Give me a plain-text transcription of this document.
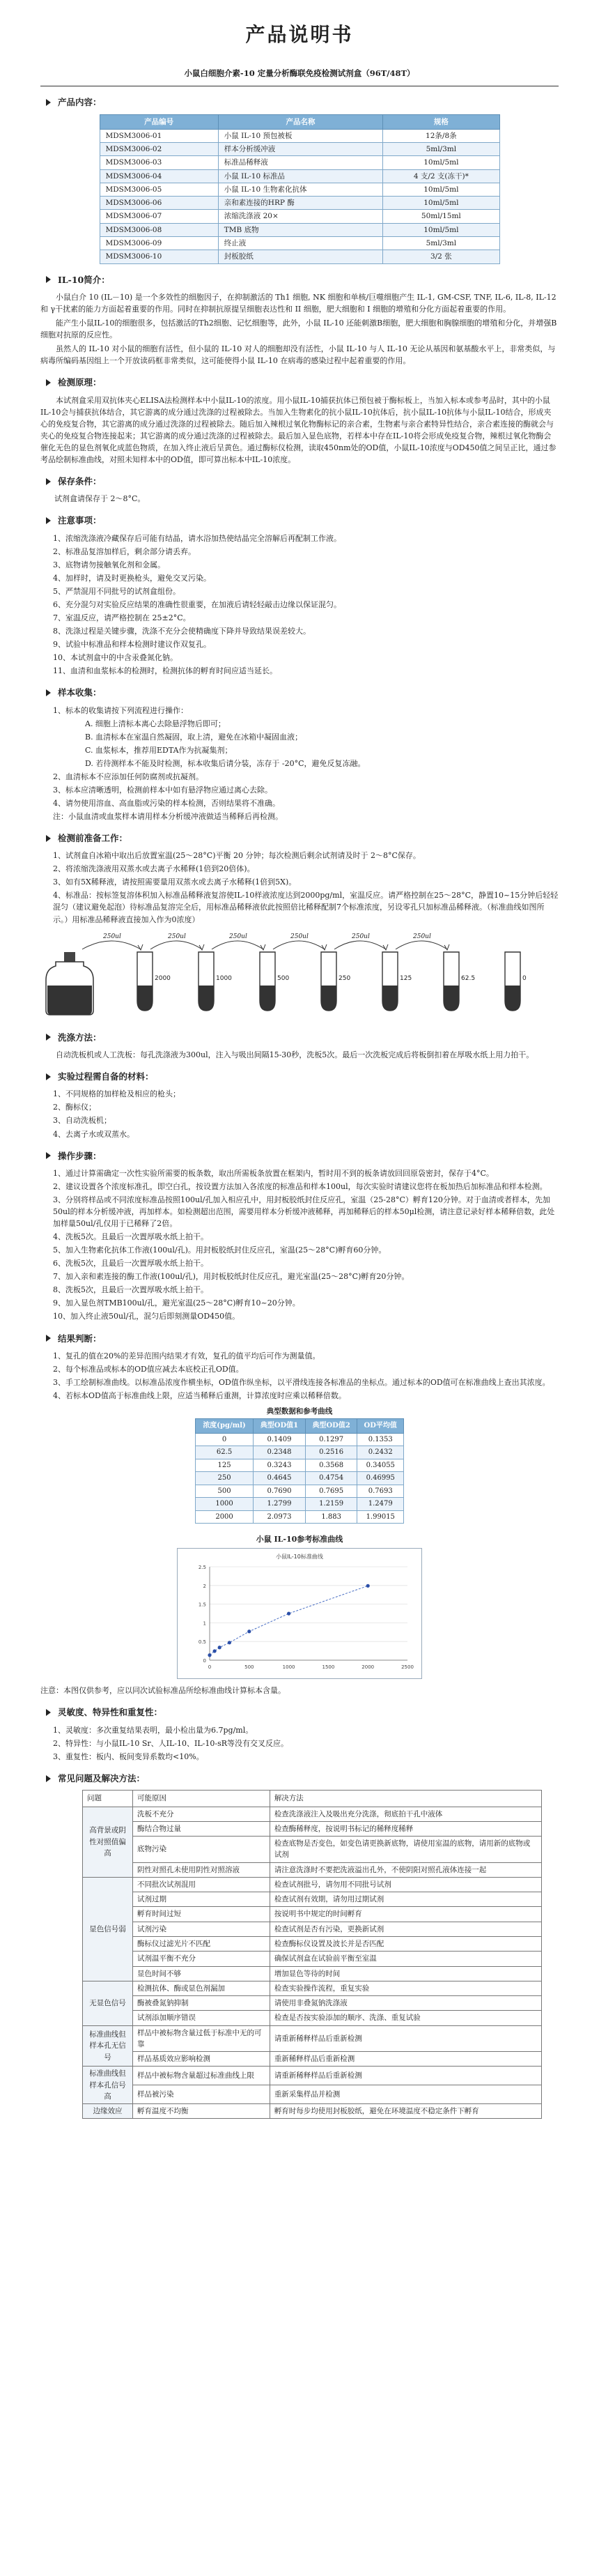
产品说明书
小鼠白细胞介素-10 定量分析酶联免疫检测试剂盒（96T/48T）
产品内容：
产品编号	产品名称	规格
MDSM3006-01	小鼠 IL-10 预包被板	12条/8条
MDSM3006-02	样本分析缓冲液	5ml/3ml
MDSM3006-03	标准品稀释液	10ml/5ml
MDSM3006-04	小鼠 IL-10 标准品	4 支/2 支(冻干)*
MDSM3006-05	小鼠 IL-10 生物素化抗体	10ml/5ml
MDSM3006-06	亲和素连接的HRP 酶	10ml/5ml
MDSM3006-07	浓缩洗涤液 20×	50ml/15ml
MDSM3006-08	TMB 底物	10ml/5ml
MDSM3006-09	终止液	5ml/3ml
MDSM3006-10	封板胶纸	3/2 张
IL-10简介：

小鼠白介 10 (IL－10) 是一个多效性的细胞因子，在抑制激活的 Th1 细胞, NK 细胞和单核/巨噬细胞产生 IL-1, GM-CSF, TNF, IL-6, IL-8, IL-12 和 γ干扰素的能力方面起着重要的作用。同时在抑制抗原提呈细胞表达性和 II 细胞，肥大细胞和 I 细胞的增殖和分化方面起着重要的作用。

能产生小鼠IL-10的细胞很多，包括激活的Th2细胞、记忆细胞等，此外，小鼠 IL-10 还能刺激B细胞，肥大细胞和胸腺细胞的增殖和分化，并增强B细胞对抗原的反应性。

虽然人的 IL-10 对小鼠的细胞有活性，但小鼠的 IL-10 对人的细胞却没有活性，小鼠 IL-10 与人 IL-10 无论从基因和氨基酸水平上，非常类似，与病毒所编码基因组上一个开放读码框非常类似，这可能使得小鼠 IL-10 在病毒的感染过程中起着重要的作用。

检测原理：

本试剂盒采用双抗体夹心ELISA法检测样本中小鼠IL-10的浓度。用小鼠IL-10捕获抗体已预包被于酶标板上，当加入标本或参考品时，其中的小鼠IL-10会与捕获抗体结合，其它游离的成分通过洗涤的过程被除去。当加入生物素化的抗小鼠IL-10抗体后，抗小鼠IL-10抗体与小鼠IL-10结合，形成夹心的免疫复合物，其它游离的成分通过洗涤的过程被除去。随后加入辣根过氧化物酶标记的亲合素，生物素与亲合素特异性结合，亲合素连接的酶就会与夹心的免疫复合物连接起来；其它游离的成分通过洗涤的过程被除去。最后加入显色底物，若样本中存在IL-10将会形成免疫复合物，辣根过氧化物酶会催化无色的显色剂氧化成蓝色物质，在加入终止液后呈黄色。通过酶标仪检测，读取450nm处的OD值，小鼠IL-10浓度与OD450值之间呈正比，通过参考品绘制标准曲线，对照未知样本中的OD值，即可算出标本中IL-10浓度。

保存条件：

试剂盒请保存于 2～8°C。

注意事项：
1、浓缩洗涤液冷藏保存后可能有结晶，请水浴加热使结晶完全溶解后再配制工作液。
2、标准品复溶加样后，剩余部分请丢弃。
3、底物请勿接触氧化剂和金属。
4、加样时，请及时更换枪头，避免交叉污染。
5、严禁混用不同批号的试剂盒组份。
6、充分混匀对实验反应结果的准确性很重要，在加液后请轻轻敲击边缘以保证混匀。
7、室温反应，请严格控制在 25±2°C。
8、洗涤过程是关键步骤，洗涤不充分会使精确度下降并导致结果误差较大。
9、试验中标准品和样本检测时建议作双复孔。
10、本试剂盒中的中含汞叠氮化钠。
11、血清和血浆标本的检测时，检测抗体的孵育时间应适当延长。
样本收集：
1、标本的收集请按下列流程进行操作：
A. 细胞上清标本离心去除悬浮物后即可；
B. 血清标本在室温自然凝固，取上清，避免在冰箱中凝固血液；
C. 血浆标本，推荐用EDTA作为抗凝集剂；
D. 若待测样本不能及时检测，标本收集后请分装，冻存于 -20°C，避免反复冻融。
2、血清标本不应添加任何防腐剂或抗凝剂。
3、标本应清晰透明，检测前样本中如有悬浮物应通过离心去除。
4、请勿使用溶血、高血脂或污染的样本检测，否则结果将不准确。
注：小鼠血清或血浆样本请用样本分析缓冲液做适当稀释后再检测。
检测前准备工作：
1、试剂盒自冰箱中取出后放置室温(25～28°C)平衡 20 分钟；每次检测后剩余试剂请及时于 2～8°C保存。
2、将浓缩洗涤液用双蒸水或去离子水稀释(1倍到20倍体)。
3、如有5X稀释液，请按照需要量用双蒸水或去离子水稀释(1倍到5X)。
4、标准品：按标签复溶体积加入标准品稀释液复溶使IL-10样液浓度达到2000pg/ml，室温反应。请严格控制在25～28°C，静置10~15分钟后轻轻混匀（建议避免起泡）待标准品复溶完全后，用标准品稀释液依此按照倍比稀释配制7个标准浓度，另设零孔只加标准品稀释液。（标准曲线如图所示。）用标准品稀释液直接加入作为0浓度）
2000	1000	500	250	125	62.5	0
250ul	250ul	250ul	250ul	250ul	250ul
洗涤方法：

自动洗板机或人工洗板：每孔洗涤液为300ul，注入与吸出间隔15-30秒，洗板5次。最后一次洗板完成后将板倒扣着在厚吸水纸上用力拍干。

实验过程需自备的材料：
1、不同规格的加样枪及相应的枪头；
2、酶标仪；
3、自动洗板机；
4、去离子水或双蒸水。
操作步骤：
1、通过计算需确定一次性实验所需要的板条数，取出所需板条放置在框架内，暂时用不到的板条请放回回原袋密封，保存于4°C。
2、建议设置各个浓度标准孔，即空白孔，按设置方法加入各浓度的标准品和样本100ul，每次实验时请建议您将在板加热后加标准品和样本检测。
3、分别将样品或不同浓度标准品按照100ul/孔加入相应孔中，用封板胶纸封住反应孔，室温（25-28°C）孵育120分钟。对于血清或者样本，先加50ul的样本分析缓冲液，再加样本。如检测超出范围，需要用样本分析缓冲液稀释，再加稀释后的样本50μl检测，请注意记录好样本稀释倍数，此处加样量50ul/孔仅用于已稀释了2倍。
4、洗板5次。且最后一次置厚吸水纸上拍干。
5、加入生物素化抗体工作液(100ul/孔)。用封板胶纸封住反应孔，室温(25～28°C)孵育60分钟。
6、洗板5次，且最后一次置厚吸水纸上拍干。
7、加入亲和素连接的酶工作液(100ul/孔)，用封板胶纸封住反应孔，避光室温(25～28°C)孵育20分钟。
8、洗板5次，且最后一次置厚吸水纸上拍干。
9、加入显色剂TMB100ul/孔，避光室温(25～28°C)孵育10~20分钟。
10、加入终止液50ul/孔，混匀后即刻测量OD450值。
结果判断：
1、复孔的值在20%的差异范围内结果才有效，复孔的值平均后可作为测量值。
2、每个标准品或标本的OD值应减去本底校正孔OD值。
3、手工绘制标准曲线。以标准品浓度作横坐标，OD值作纵坐标，以平滑线连接各标准品的坐标点。通过标本的OD值可在标准曲线上查出其浓度。
4、若标本OD值高于标准曲线上限，应适当稀释后重测，计算浓度时应乘以稀释倍数。
典型数据和参考曲线
浓度(pg/ml)	典型OD值1	典型OD值2	OD平均值
0	0.1409	0.1297	0.1353
62.5	0.2348	0.2516	0.2432
125	0.3243	0.3568	0.34055
250	0.4645	0.4754	0.46995
500	0.7690	0.7695	0.7693
1000	1.2799	1.2159	1.2479
2000	2.0973	1.883	1.99015
小鼠 IL-10参考标准曲线
小鼠IL-10标准曲线
0
0.5
1
1.5
2
2.5
0	500	1000	1500	2000	2500

注意：本图仅供参考，应以同次试验标准品所绘标准曲线计算标本含量。

灵敏度、特异性和重复性：
1、灵敏度：多次重复结果表明，最小检出量为6.7pg/ml。
2、特异性：与小鼠IL-10 Sr、人IL-10、IL-10-sR等没有交叉反应。
3、重复性：板内、板间变异系数均<10%。
常见问题及解决方法：
问题	可能原因	解决方法
高背景或阴性对照值偏高	洗板不充分	检查洗涤液注入及吸出充分洗涤，彻底拍干孔中液体
	酶结合物过量	检查酶稀释度，按说明书标记的稀释度稀释
	底物污染	检查底物是否变色，如变色请更换新底物，请使用室温的底物，请用新的底物或试剂
	阴性对照孔未使用阴性对照溶液	请注意洗涤时不要把洗液溢出孔外，不使阴阳对照孔液体连接一起
显色信号弱	不同批次试剂混用	检查试剂批号，请勿用不同批号试剂
	试剂过期	检查试剂有效期，请勿用过期试剂
	孵育时间过短	按说明书中规定的时间孵育
	试剂污染	检查试剂是否有污染，更换新试剂
	酶标仪过滤光片不匹配	检查酶标仪设置及波长并是否匹配
	试剂温平衡不充分	确保试剂盒在试验前平衡至室温
	显色时间不够	增加显色等待的时间
无显色信号	检测抗体、酶或显色剂漏加	检查实验操作流程，重复实验
	酶被叠氮钠抑制	请使用非叠氮钠洗涤液
	试剂添加顺序错误	检查是否按实验添加的顺序、洗涤、重复试验
标准曲线但样本孔无信号	样品中被标物含量过低于标准中无的可靠	请重新稀释样品后重新检测
	样品基质效应影响检测	重新稀释样品后重新检测
标准曲线但样本孔信号高	样品中被标物含量超过标准曲线上限	请重新稀释样品后重新检测
	样品被污染	重新采集样品并检测
边缘效应	孵育温度不均衡	孵育时每步均使用封板胶纸，避免在环境温度不稳定条件下孵育
